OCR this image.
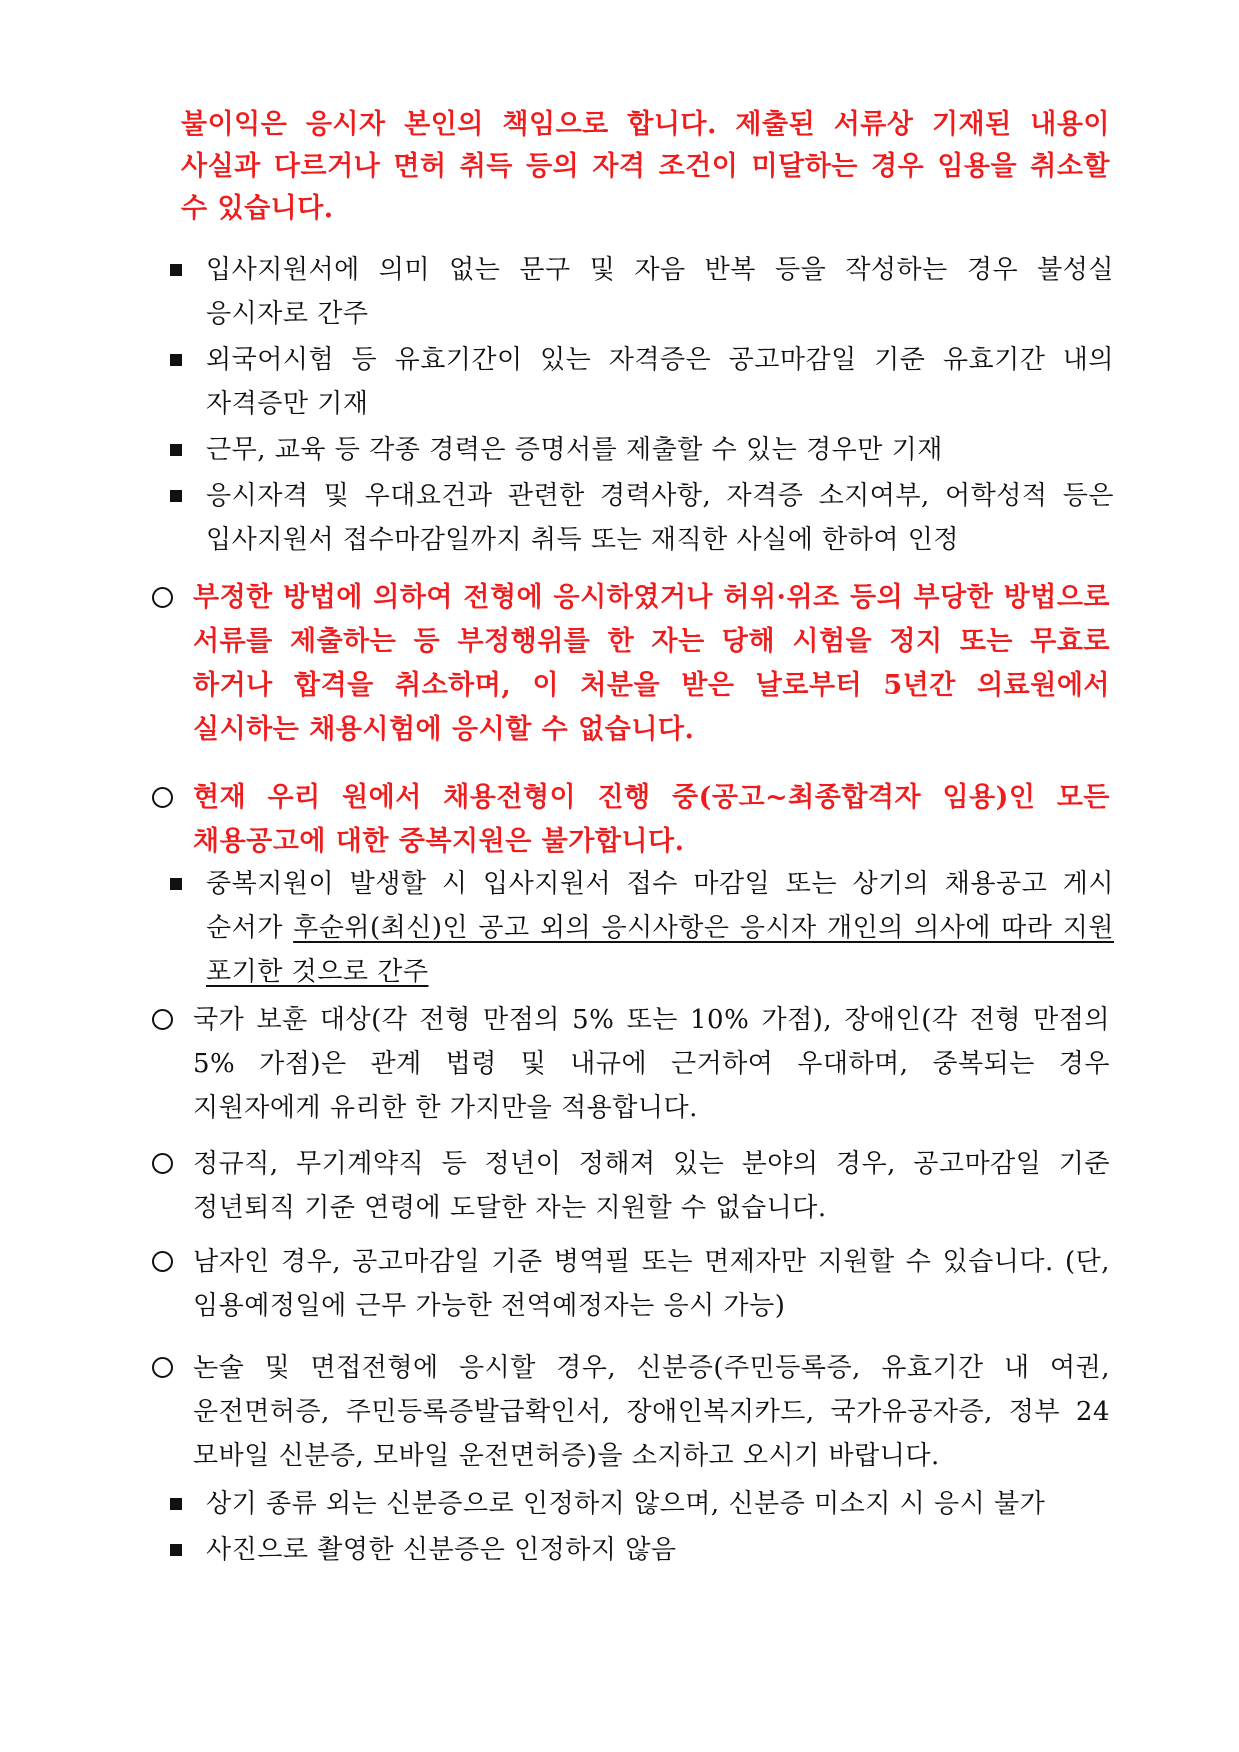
불이익은 응시자 본인의 책임으로 합니다. 제출된 서류상 기재된 내용이 사실과 다르거나 면허 취득 등의 자격 조건이 미달하는 경우 임용을 취소할 수 있습니다.
입사지원서에 의미 없는 문구 및 자음 반복 등을 작성하는 경우 불성실 응시자로 간주
외국어시험 등 유효기간이 있는 자격증은 공고마감일 기준 유효기간 내의 자격증만 기재
근무, 교육 등 각종 경력은 증명서를 제출할 수 있는 경우만 기재
응시자격 및 우대요건과 관련한 경력사항, 자격증 소지여부, 어학성적 등은 입사지원서 접수마감일까지 취득 또는 재직한 사실에 한하여 인정
부정한 방법에 의하여 전형에 응시하였거나 허위·위조 등의 부당한 방법으로 서류를 제출하는 등 부정행위를 한 자는 당해 시험을 정지 또는 무효로 하거나 합격을 취소하며, 이 처분을 받은 날로부터 5년간 의료원에서 실시하는 채용시험에 응시할 수 없습니다.
현재 우리 원에서 채용전형이 진행 중(공고~최종합격자 임용)인 모든 채용공고에 대한 중복지원은 불가합니다.
중복지원이 발생할 시 입사지원서 접수 마감일 또는 상기의 채용공고 게시 순서가 후순위(최신)인 공고 외의 응시사항은 응시자 개인의 의사에 따라 지원 포기한 것으로 간주
국가 보훈 대상(각 전형 만점의 5% 또는 10% 가점), 장애인(각 전형 만점의 5% 가점)은 관계 법령 및 내규에 근거하여 우대하며, 중복되는 경우 지원자에게 유리한 한 가지만을 적용합니다.
정규직, 무기계약직 등 정년이 정해져 있는 분야의 경우, 공고마감일 기준 정년퇴직 기준 연령에 도달한 자는 지원할 수 없습니다.
남자인 경우, 공고마감일 기준 병역필 또는 면제자만 지원할 수 있습니다. (단, 임용예정일에 근무 가능한 전역예정자는 응시 가능)
논술 및 면접전형에 응시할 경우, 신분증(주민등록증, 유효기간 내 여권, 운전면허증, 주민등록증발급확인서, 장애인복지카드, 국가유공자증, 정부 24 모바일 신분증, 모바일 운전면허증)을 소지하고 오시기 바랍니다.
상기 종류 외는 신분증으로 인정하지 않으며, 신분증 미소지 시 응시 불가
사진으로 촬영한 신분증은 인정하지 않음
